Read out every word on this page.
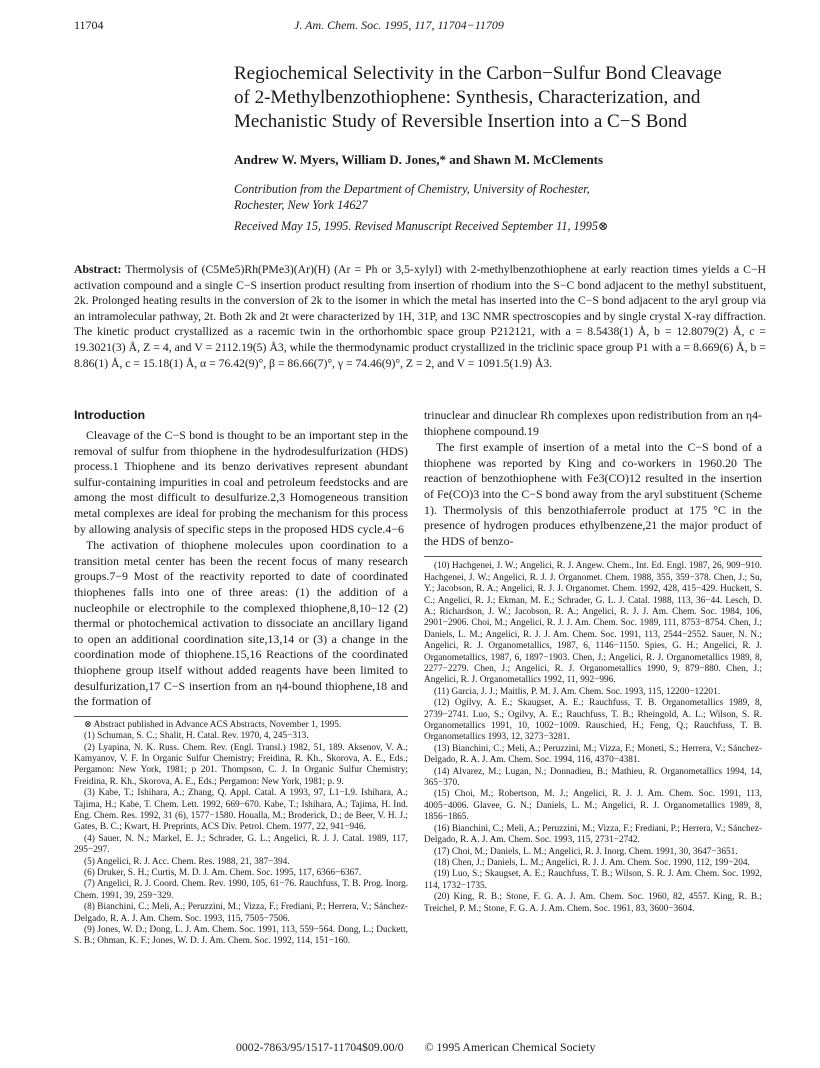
11704	J. Am. Chem. Soc. 1995, 117, 11704−11709
Regiochemical Selectivity in the Carbon−Sulfur Bond Cleavage
of 2-Methylbenzothiophene: Synthesis, Characterization, and
Mechanistic Study of Reversible Insertion into a C−S Bond
Andrew W. Myers, William D. Jones,* and Shawn M. McClements
Contribution from the Department of Chemistry, University of Rochester,
Rochester, New York 14627
Received May 15, 1995. Revised Manuscript Received September 11, 1995⊗
Abstract: Thermolysis of (C5Me5)Rh(PMe3)(Ar)(H) (Ar = Ph or 3,5-xylyl) with 2-methylbenzothiophene at early reaction times yields a C−H activation compound and a single C−S insertion product resulting from insertion of rhodium into the S−C bond adjacent to the methyl substituent, 2k. Prolonged heating results in the conversion of 2k to the isomer in which the metal has inserted into the C−S bond adjacent to the aryl group via an intramolecular pathway, 2t. Both 2k and 2t were characterized by 1H, 31P, and 13C NMR spectroscopies and by single crystal X-ray diffraction. The kinetic product crystallized as a racemic twin in the orthorhombic space group P212121, with a = 8.5438(1) Å, b = 12.8079(2) Å, c = 19.3021(3) Å, Z = 4, and V = 2112.19(5) Å3, while the thermodynamic product crystallized in the triclinic space group P1 with a = 8.669(6) Å, b = 8.86(1) Å, c = 15.18(1) Å, α = 76.42(9)°, β = 86.66(7)°, γ = 74.46(9)°, Z = 2, and V = 1091.5(1.9) Å3.
Introduction

Cleavage of the C−S bond is thought to be an important step in the removal of sulfur from thiophene in the hydrodesulfurization (HDS) process.1 Thiophene and its benzo derivatives represent abundant sulfur-containing impurities in coal and petroleum feedstocks and are among the most difficult to desulfurize.2,3 Homogeneous transition metal complexes are ideal for probing the mechanism for this process by allowing analysis of specific steps in the proposed HDS cycle.4−6

The activation of thiophene molecules upon coordination to a transition metal center has been the recent focus of many research groups.7−9 Most of the reactivity reported to date of coordinated thiophenes falls into one of three areas: (1) the addition of a nucleophile or electrophile to the complexed thiophene,8,10−12 (2) thermal or photochemical activation to dissociate an ancillary ligand to open an additional coordination site,13,14 or (3) a change in the coordination mode of thiophene.15,16 Reactions of the coordinated thiophene group itself without added reagents have been limited to desulfurization,17 C−S insertion from an η4-bound thiophene,18 and the formation of

⊗ Abstract published in Advance ACS Abstracts, November 1, 1995.

(1) Schuman, S. C.; Shalit, H. Catal. Rev. 1970, 4, 245−313.

(2) Lyapina, N. K. Russ. Chem. Rev. (Engl. Transl.) 1982, 51, 189. Aksenov, V. A.; Kamyanov, V. F. In Organic Sulfur Chemistry; Freidina, R. Kh., Skorova, A. E., Eds.; Pergamon: New York, 1981; p 201. Thompson, C. J. In Organic Sulfur Chemistry; Freidina, R. Kh., Skorova, A. E., Eds.; Pergamon: New York, 1981; p. 9.

(3) Kabe, T.; Ishihara, A.; Zhang, Q. Appl. Catal. A 1993, 97, L1−L9. Ishihara, A.; Tajima, H.; Kabe, T. Chem. Lett. 1992, 669−670. Kabe, T.; Ishihara, A.; Tajima, H. Ind. Eng. Chem. Res. 1992, 31 (6), 1577−1580. Houalla, M.; Broderick, D.; de Beer, V. H. J.; Gates, B. C.; Kwart, H. Preprints, ACS Div. Petrol. Chem. 1977, 22, 941−946.

(4) Sauer, N. N.; Markel, E. J.; Schrader, G. L.; Angelici, R. J. J. Catal. 1989, 117, 295−297.

(5) Angelici, R. J. Acc. Chem. Res. 1988, 21, 387−394.

(6) Druker, S. H.; Curtis, M. D. J. Am. Chem. Soc. 1995, 117, 6366−6367.

(7) Angelici, R. J. Coord. Chem. Rev. 1990, 105, 61−76. Rauchfuss, T. B. Prog. Inorg. Chem. 1991, 39, 259−329.

(8) Bianchini, C.; Meli, A.; Peruzzini, M.; Vizza, F.; Frediani, P.; Herrera, V.; Sánchez-Delgado, R. A. J. Am. Chem. Soc. 1993, 115, 7505−7506.

(9) Jones, W. D.; Dong, L. J. Am. Chem. Soc. 1991, 113, 559−564. Dong, L.; Duckett, S. B.; Ohman, K. F.; Jones, W. D. J. Am. Chem. Soc. 1992, 114, 151−160.

trinuclear and dinuclear Rh complexes upon redistribution from an η4-thiophene compound.19

The first example of insertion of a metal into the C−S bond of a thiophene was reported by King and co-workers in 1960.20 The reaction of benzothiophene with Fe3(CO)12 resulted in the insertion of Fe(CO)3 into the C−S bond away from the aryl substituent (Scheme 1). Thermolysis of this benzothiaferrole product at 175 °C in the presence of hydrogen produces ethylbenzene,21 the major product of the HDS of benzo-

(10) Hachgenei, J. W.; Angelici, R. J. Angew. Chem., Int. Ed. Engl. 1987, 26, 909−910. Hachgenei, J. W.; Angelici, R. J. J. Organomet. Chem. 1988, 355, 359−378. Chen, J.; Su, Y.; Jacobson, R. A.; Angelici, R. J. J. Organomet. Chem. 1992, 428, 415−429. Huckett, S. C.; Angelici, R. J.; Ekman, M. E.; Schrader, G. L. J. Catal. 1988, 113, 36−44. Lesch, D. A.; Richardson, J. W.; Jacobson, R. A.; Angelici, R. J. J. Am. Chem. Soc. 1984, 106, 2901−2906. Choi, M.; Angelici, R. J. J. Am. Chem. Soc. 1989, 111, 8753−8754. Chen, J.; Daniels, L. M.; Angelici, R. J. J. Am. Chem. Soc. 1991, 113, 2544−2552. Sauer, N. N.; Angelici, R. J. Organometallics, 1987, 6, 1146−1150. Spies, G. H.; Angelici, R. J. Organometallics, 1987, 6, 1897−1903. Chen, J.; Angelici, R. J. Organometallics 1989, 8, 2277−2279. Chen, J.; Angelici, R. J. Organometallics 1990, 9, 879−880. Chen, J.; Angelici, R. J. Organometallics 1992, 11, 992−996.

(11) Garcia, J. J.; Maitlis, P. M. J. Am. Chem. Soc. 1993, 115, 12200−12201.

(12) Ogilvy, A. E.; Skaugset, A. E.; Rauchfuss, T. B. Organometallics 1989, 8, 2739−2741. Luo, S.; Ogilvy, A. E.; Rauchfuss, T. B.; Rheingold, A. L.; Wilson, S. R. Organometallics 1991, 10, 1002−1009. Rauschied, H.; Feng, Q.; Rauchfuss, T. B. Organometallics 1993, 12, 3273−3281.

(13) Bianchini, C.; Meli, A.; Peruzzini, M.; Vizza, F.; Moneti, S.; Herrera, V.; Sánchez-Delgado, R. A. J. Am. Chem. Soc. 1994, 116, 4370−4381.

(14) Alvarez, M.; Lugan, N.; Donnadieu, B.; Mathieu, R. Organometallics 1994, 14, 365−370.

(15) Choi, M.; Robertson, M. J.; Angelici, R. J. J. Am. Chem. Soc. 1991, 113, 4005−4006. Glavee, G. N.; Daniels, L. M.; Angelici, R. J. Organometallics 1989, 8, 1856−1865.

(16) Bianchini, C.; Meli, A.; Peruzzini, M.; Vizza, F.; Frediani, P.; Herrera, V.; Sánchez-Delgado, R. A. J. Am. Chem. Soc. 1993, 115, 2731−2742.

(17) Choi, M.; Daniels, L. M.; Angelici, R. J. Inorg. Chem. 1991, 30, 3647−3651.

(18) Chen, J.; Daniels, L. M.; Angelici, R. J. J. Am. Chem. Soc. 1990, 112, 199−204.

(19) Luo, S.; Skaugset, A. E.; Rauchfuss, T. B.; Wilson, S. R. J. Am. Chem. Soc. 1992, 114, 1732−1735.

(20) King, R. B.; Stone, F. G. A. J. Am. Chem. Soc. 1960, 82, 4557. King, R. B.; Treichel, P. M.; Stone, F. G. A. J. Am. Chem. Soc. 1961, 83, 3600−3604.

0002-7863/95/1517-11704$09.00/0 © 1995 American Chemical Society
